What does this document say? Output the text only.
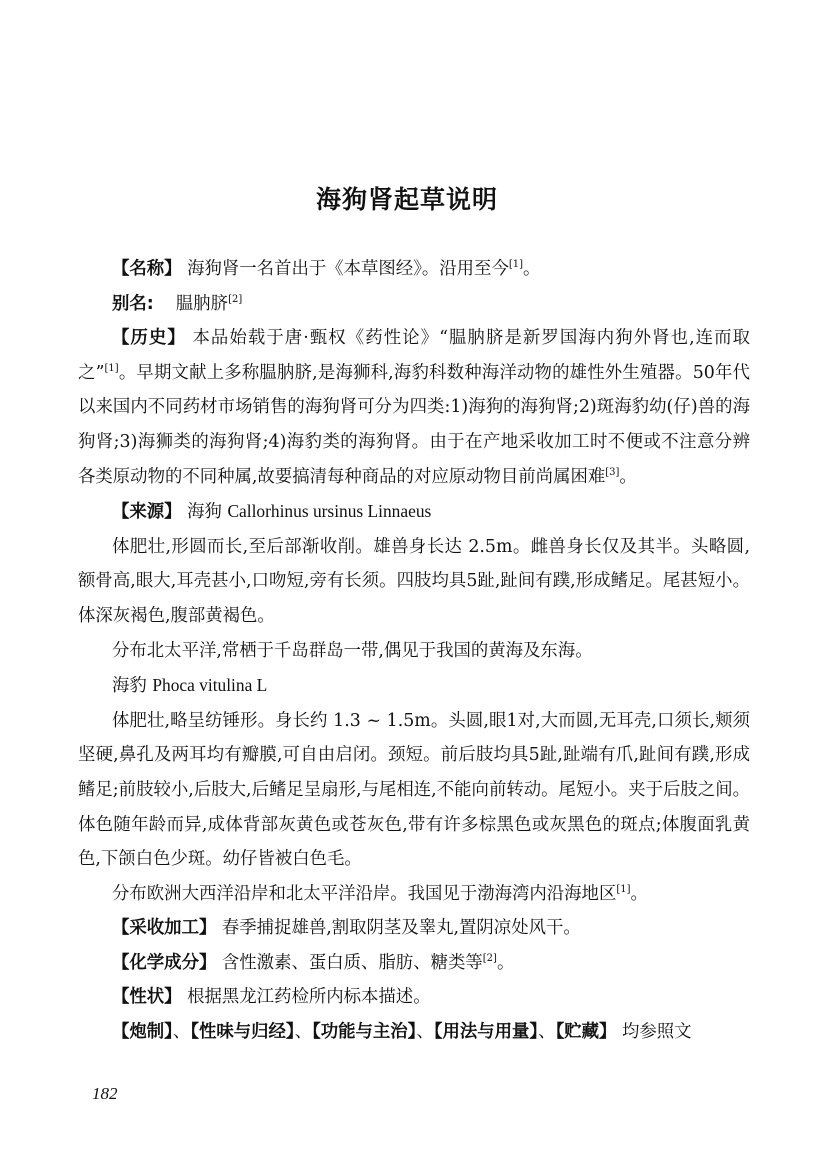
海狗肾起草说明

【名称】 海狗肾一名首出于《本草图经》。沿用至今[1]。

别名: 腽肭脐[2]

【历史】 本品始载于唐·甄权《药性论》“腽肭脐是新罗国海内狗外肾也,连而取之”[1]。早期文献上多称腽肭脐,是海狮科,海豹科数种海洋动物的雄性外生殖器。50年代以来国内不同药材市场销售的海狗肾可分为四类:1)海狗的海狗肾;2)斑海豹幼(仔)兽的海狗肾;3)海狮类的海狗肾;4)海豹类的海狗肾。由于在产地采收加工时不便或不注意分辨各类原动物的不同种属,故要搞清每种商品的对应原动物目前尚属困难[3]。

【来源】 海狗 Callorhinus ursinus Linnaeus

体肥壮,形圆而长,至后部渐收削。雄兽身长达 2.5m。雌兽身长仅及其半。头略圆,额骨高,眼大,耳壳甚小,口吻短,旁有长须。四肢均具5趾,趾间有蹼,形成鳍足。尾甚短小。体深灰褐色,腹部黄褐色。

分布北太平洋,常栖于千岛群岛一带,偶见于我国的黄海及东海。

海豹 Phoca vitulina L

体肥壮,略呈纺锤形。身长约 1.3 ~ 1.5m。头圆,眼1对,大而圆,无耳壳,口须长,颊须坚硬,鼻孔及两耳均有瓣膜,可自由启闭。颈短。前后肢均具5趾,趾端有爪,趾间有蹼,形成鳍足;前肢较小,后肢大,后鳍足呈扇形,与尾相连,不能向前转动。尾短小。夹于后肢之间。体色随年龄而异,成体背部灰黄色或苍灰色,带有许多棕黑色或灰黑色的斑点;体腹面乳黄色,下颌白色少斑。幼仔皆被白色毛。

分布欧洲大西洋沿岸和北太平洋沿岸。我国见于渤海湾内沿海地区[1]。

【采收加工】 春季捕捉雄兽,割取阴茎及睾丸,置阴凉处风干。

【化学成分】 含性激素、蛋白质、脂肪、糖类等[2]。

【性状】 根据黑龙江药检所内标本描述。

【炮制】、【性味与归经】、【功能与主治】、【用法与用量】、【贮藏】 均参照文

182
